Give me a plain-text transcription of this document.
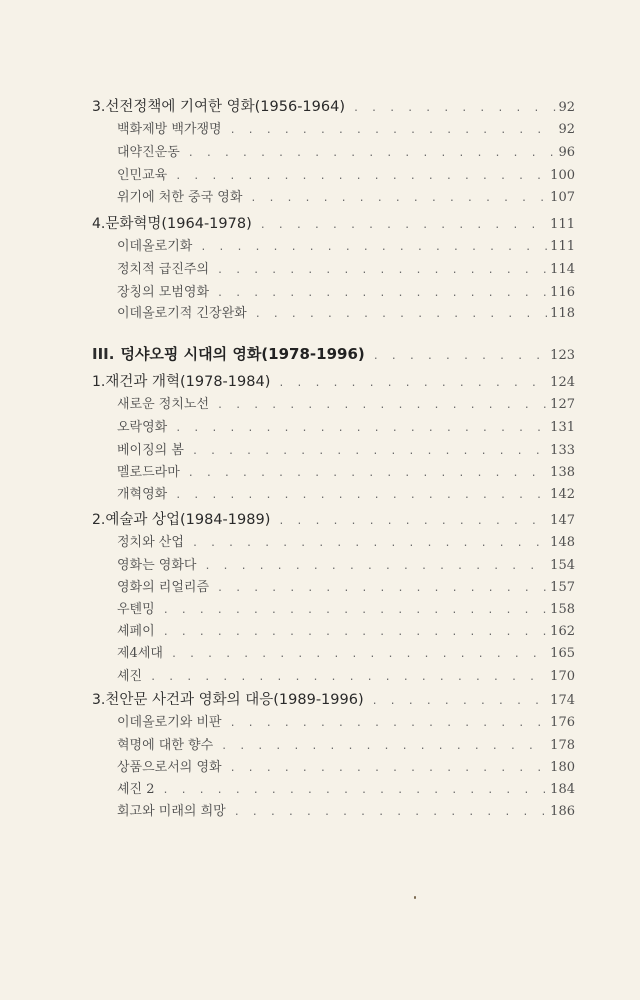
3. 선전정책에 기여한 영화(1956-1964) . . .	92
백화제방 백가쟁명 . . .	92
대약진운동 . . .	96
인민교육 . . .	100
위기에 처한 중국 영화 . . .	107
4. 문화혁명(1964-1978) . . .	111
이데올로기화 . . .	111
정치적 급진주의 . . .	114
장칭의 모범영화 . . .	116
이데올로기적 긴장완화 . . .	118
III. 덩샤오핑 시대의 영화(1978-1996) . . .	123
1. 재건과 개혁(1978-1984) . . .	124
새로운 정치노선 . . .	127
오락영화 . . .	131
베이징의 봄 . . .	133
멜로드라마 . . .	138
개혁영화 . . .	142
2. 예술과 상업(1984-1989) . . .	147
정치와 산업 . . .	148
영화는 영화다 . . .	154
영화의 리얼리즘 . . .	157
우톈밍 . . .	158
셰페이 . . .	162
제4세대 . . .	165
셰진 . . .	170
3. 천안문 사건과 영화의 대응(1989-1996) . . .	174
이데올로기와 비판 . . .	176
혁명에 대한 향수 . . .	178
상품으로서의 영화 . . .	180
셰진 2 . . .	184
회고와 미래의 희망 . . .	186
